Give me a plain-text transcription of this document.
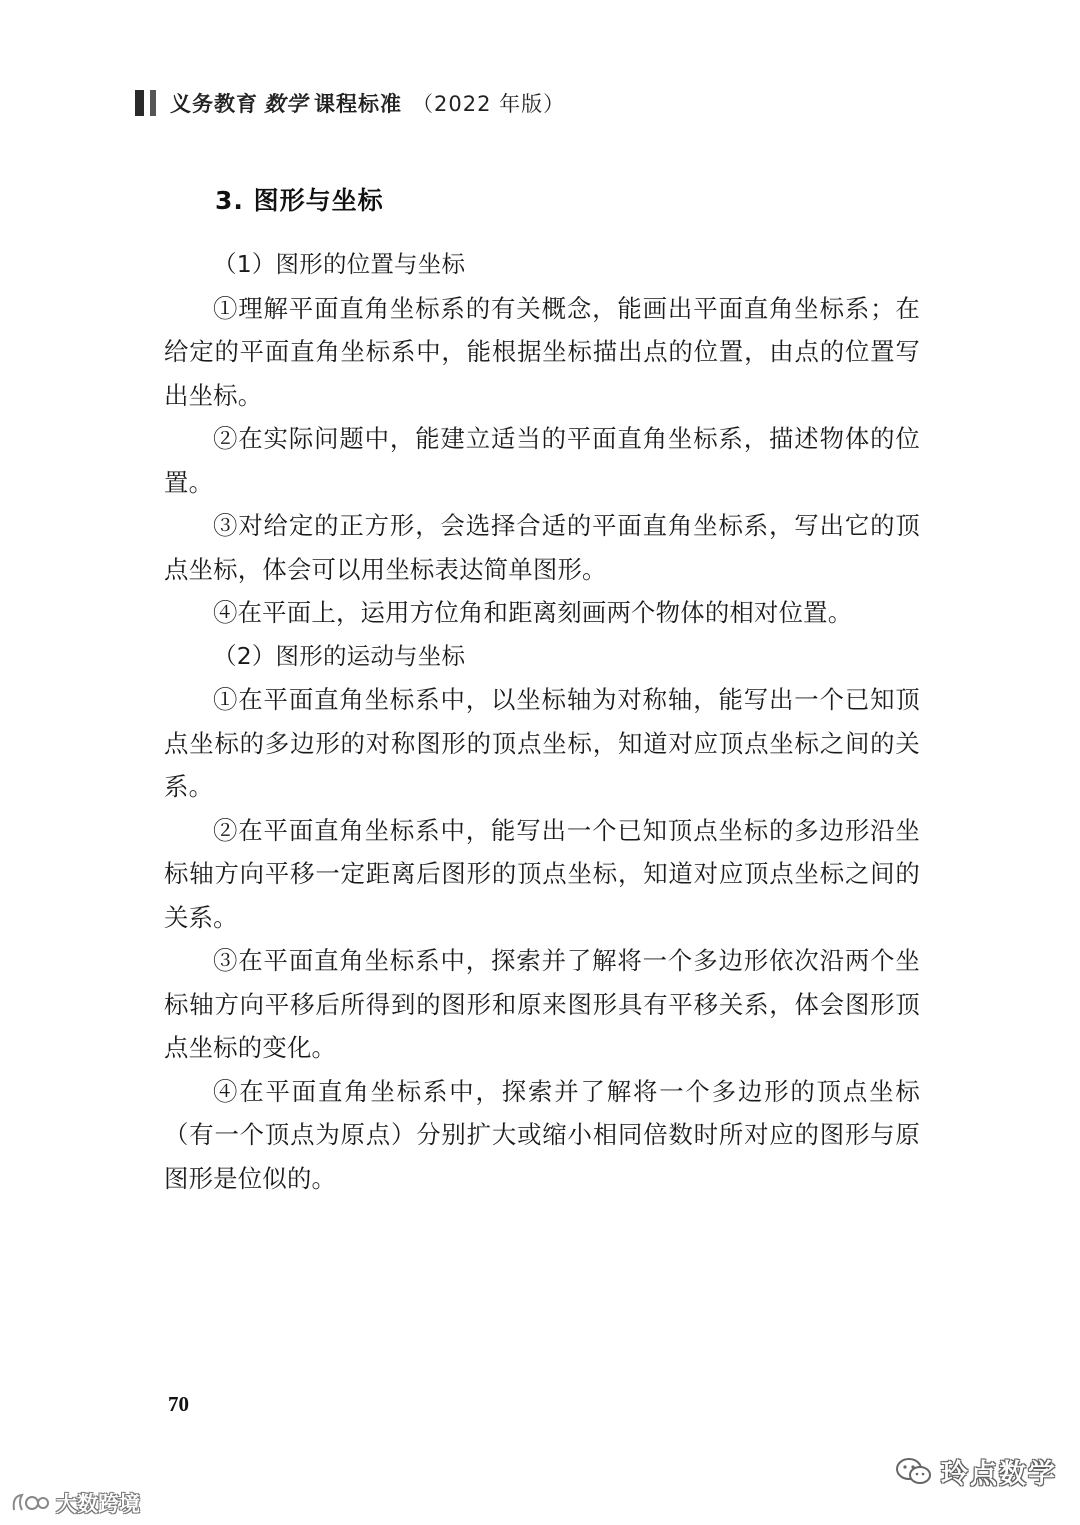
义务教育 数学 课程标准 （2022 年版）
3. 图形与坐标

（1）图形的位置与坐标

①理解平面直角坐标系的有关概念，能画出平面直角坐标系；在给定的平面直角坐标系中，能根据坐标描出点的位置，由点的位置写出坐标。

②在实际问题中，能建立适当的平面直角坐标系，描述物体的位置。

③对给定的正方形，会选择合适的平面直角坐标系，写出它的顶点坐标，体会可以用坐标表达简单图形。

④在平面上，运用方位角和距离刻画两个物体的相对位置。

（2）图形的运动与坐标

①在平面直角坐标系中，以坐标轴为对称轴，能写出一个已知顶点坐标的多边形的对称图形的顶点坐标，知道对应顶点坐标之间的关系。

②在平面直角坐标系中，能写出一个已知顶点坐标的多边形沿坐标轴方向平移一定距离后图形的顶点坐标，知道对应顶点坐标之间的关系。

③在平面直角坐标系中，探索并了解将一个多边形依次沿两个坐标轴方向平移后所得到的图形和原来图形具有平移关系，体会图形顶点坐标的变化。

④在平面直角坐标系中，探索并了解将一个多边形的顶点坐标（有一个顶点为原点）分别扩大或缩小相同倍数时所对应的图形与原图形是位似的。

70
玲点数学
大数跨境
